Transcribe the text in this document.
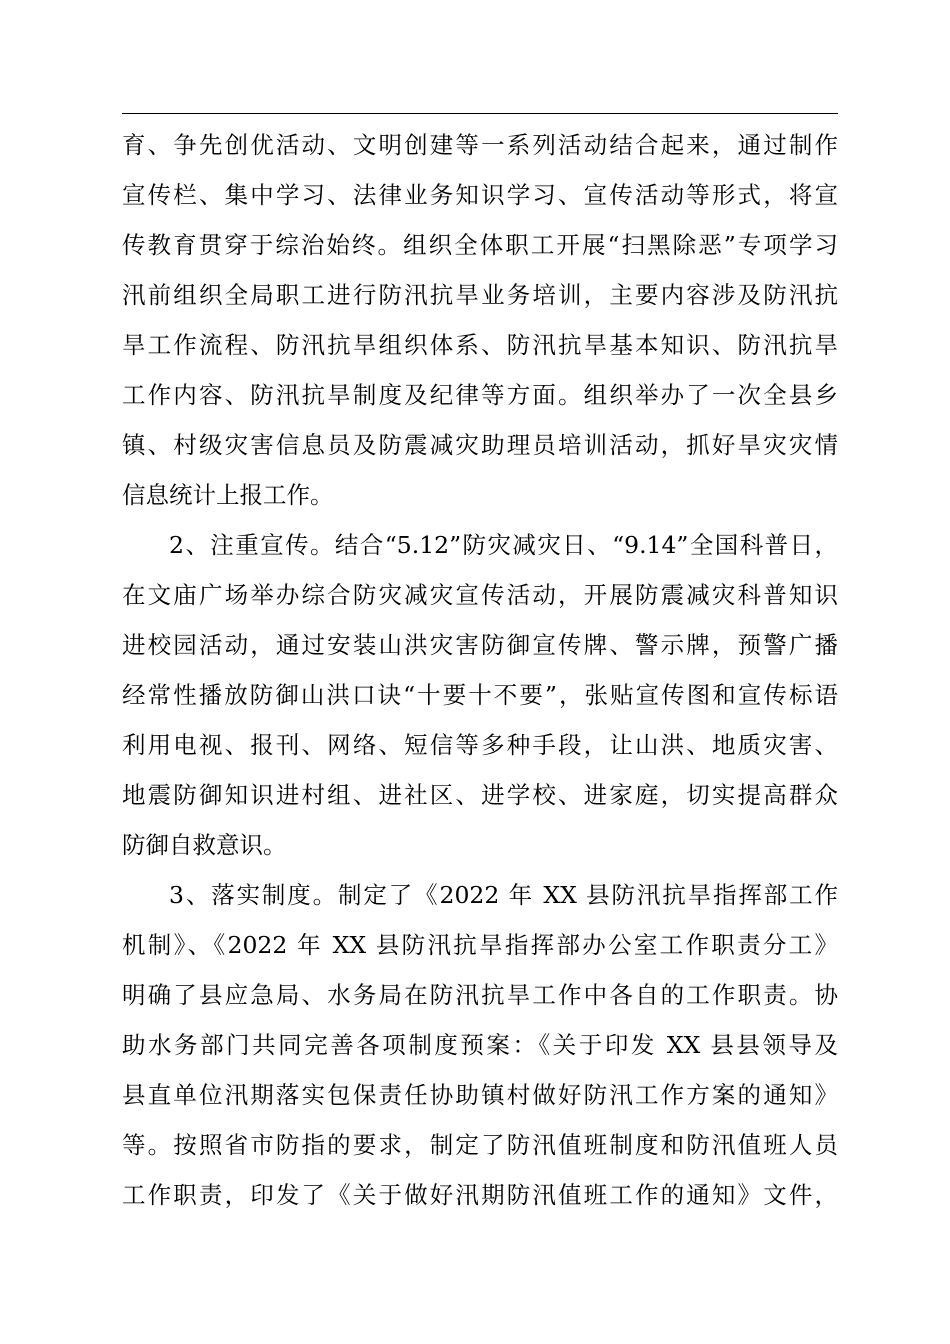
育、争先创优活动、文明创建等一系列活动结合起来，通过制作
宣传栏、集中学习、法律业务知识学习、宣传活动等形式，将宣
传教育贯穿于综治始终。组织全体职工开展“扫黑除恶”专项学习
汛前组织全局职工进行防汛抗旱业务培训，主要内容涉及防汛抗
旱工作流程、防汛抗旱组织体系、防汛抗旱基本知识、防汛抗旱
工作内容、防汛抗旱制度及纪律等方面。组织举办了一次全县乡
镇、村级灾害信息员及防震减灾助理员培训活动，抓好旱灾灾情
信息统计上报工作。
2、注重宣传。结合“5.12”防灾减灾日、“9.14”全国科普日，
在文庙广场举办综合防灾减灾宣传活动，开展防震减灾科普知识
进校园活动，通过安装山洪灾害防御宣传牌、警示牌，预警广播
经常性播放防御山洪口诀“十要十不要”，张贴宣传图和宣传标语
利用电视、报刊、网络、短信等多种手段，让山洪、地质灾害、
地震防御知识进村组、进社区、进学校、进家庭，切实提高群众
防御自救意识。
3、落实制度。制定了《2022 年 XX 县防汛抗旱指挥部工作
机制》、《2022 年 XX 县防汛抗旱指挥部办公室工作职责分工》
明确了县应急局、水务局在防汛抗旱工作中各自的工作职责。协
助水务部门共同完善各项制度预案：《关于印发 XX 县县领导及
县直单位汛期落实包保责任协助镇村做好防汛工作方案的通知》
等。按照省市防指的要求，制定了防汛值班制度和防汛值班人员
工作职责，印发了《关于做好汛期防汛值班工作的通知》文件，
